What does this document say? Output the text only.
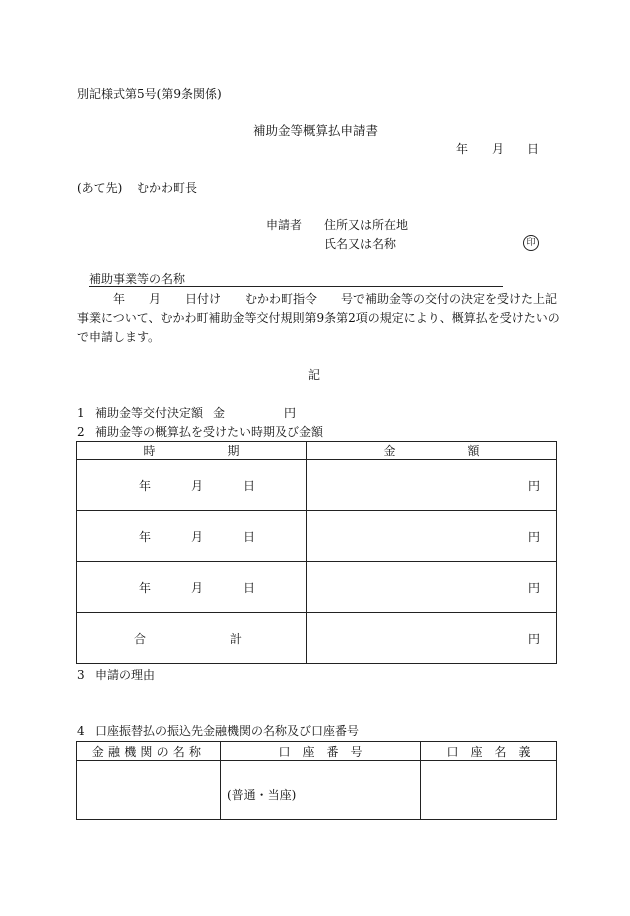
別記様式第5号(第9条関係)
補助金等概算払申請書
年 月 日
(あて先) むかわ町長
申請者 住所又は所在地
氏名又は名称	印
補助事業等の名称
年　　月　　日付け　　むかわ町指令　　号で補助金等の交付の決定を受けた上記
事業について、むかわ町補助金等交付規則第9条第2項の規定により、概算払を受けたいの
で申請します。
記
1 補助金等交付決定額 金	円
2 補助金等の概算払を受けたい時期及び金額
時　　　　　　期	金　　　　　　額
年 月 日	円
年 月 日	円
年 月 日	円
合　　　　　　　計	円
3 申請の理由
4 口座振替払の振込先金融機関の名称及び口座番号
金融機関の名称	口　座　番　号	口　座　名　義
	(普通・当座)	
